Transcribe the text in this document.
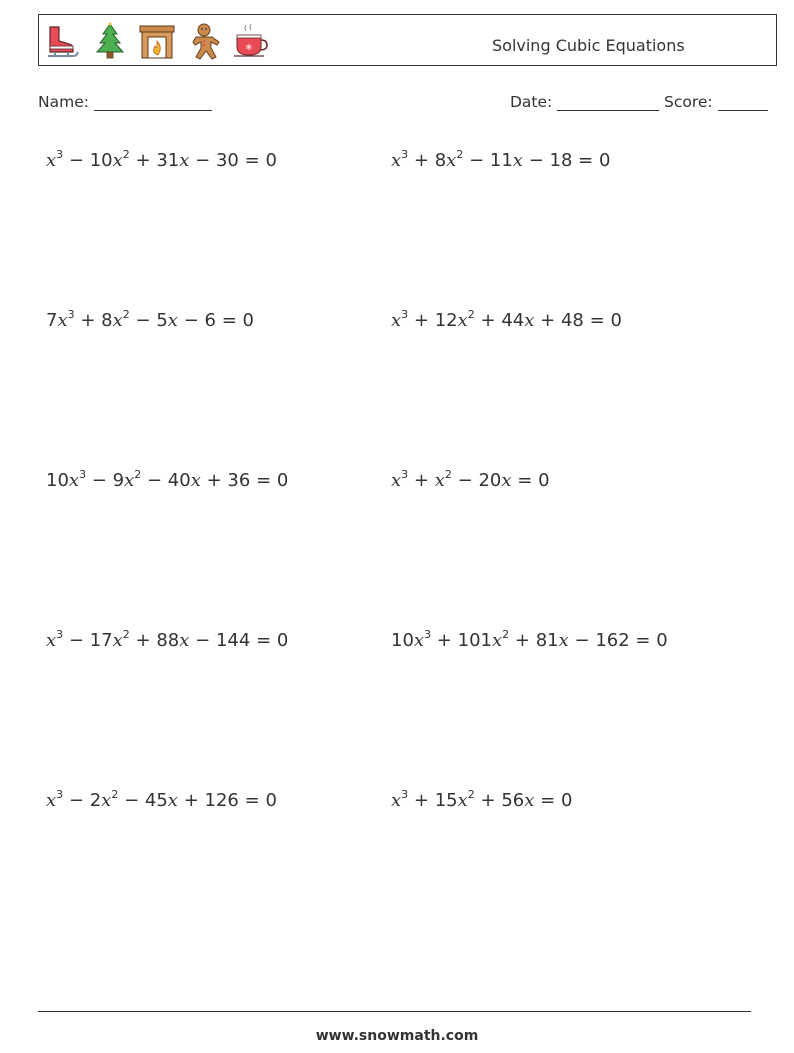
❄	Solving Cubic Equations
Name:	Date:	Score:
$x^3 - 10x^2 + 31x - 30 = 0$	$x^3 + 8x^2 - 11x - 18 = 0$
$7x^3 + 8x^2 - 5x - 6 = 0$	$x^3 + 12x^2 + 44x + 48 = 0$
$10x^3 - 9x^2 - 40x + 36 = 0$	$x^3 + x^2 - 20x = 0$
$x^3 - 17x^2 + 88x - 144 = 0$	$10x^3 + 101x^2 + 81x - 162 = 0$
$x^3 - 2x^2 - 45x + 126 = 0$	$x^3 + 15x^2 + 56x = 0$
www.snowmath.com
